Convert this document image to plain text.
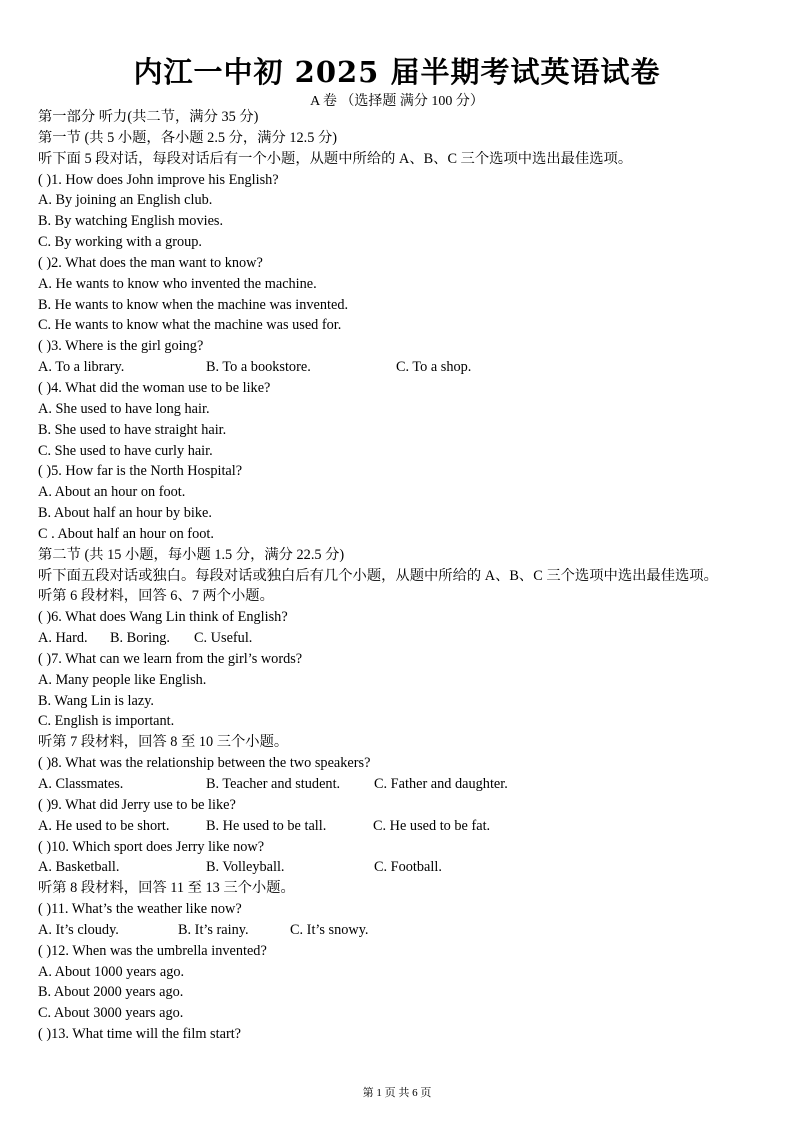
内江一中初 2025 届半期考试英语试卷
A 卷 （选择题 满分 100 分）
第一部分 听力(共二节，满分 35 分)
第一节 (共 5 小题，各小题 2.5 分，满分 12.5 分)
听下面 5 段对话，每段对话后有一个小题，从题中所给的 A、B、C 三个选项中选出最佳选项。
( )1. How does John improve his English?
A. By joining an English club.
B. By watching English movies.
C. By working with a group.
( )2. What does the man want to know?
A. He wants to know who invented the machine.
B. He wants to know when the machine was invented.
C. He wants to know what the machine was used for.
( )3. Where is the girl going?
A. To a library.	B. To a bookstore.	C. To a shop.
( )4. What did the woman use to be like?
A. She used to have long hair.
B. She used to have straight hair.
C. She used to have curly hair.
( )5. How far is the North Hospital?
A. About an hour on foot.
B. About half an hour by bike.
C . About half an hour on foot.
第二节 (共 15 小题，每小题 1.5 分，满分 22.5 分)
听下面五段对话或独白。每段对话或独白后有几个小题，从题中所给的 A、B、C 三个选项中选出最佳选项。
听第 6 段材料，回答 6、7 两个小题。
( )6. What does Wang Lin think of English?
A. Hard. B. Boring. C. Useful.
( )7. What can we learn from the girl’s words?
A. Many people like English.
B. Wang Lin is lazy.
C. English is important.
听第 7 段材料，回答 8 至 10 三个小题。
( )8. What was the relationship between the two speakers?
A. Classmates.	B. Teacher and student. C. Father and daughter.
( )9. What did Jerry use to be like?
A. He used to be short.	B. He used to be tall.	C. He used to be fat.
( )10. Which sport does Jerry like now?
A. Basketball.	B. Volleyball.	C. Football.
听第 8 段材料，回答 11 至 13 三个小题。
( )11. What’s the weather like now?
A. It’s cloudy.	B. It’s rainy.	C. It’s snowy.
( )12. When was the umbrella invented?
A. About 1000 years ago.
B. About 2000 years ago.
C. About 3000 years ago.
( )13. What time will the film start?
第 1 页 共 6 页
